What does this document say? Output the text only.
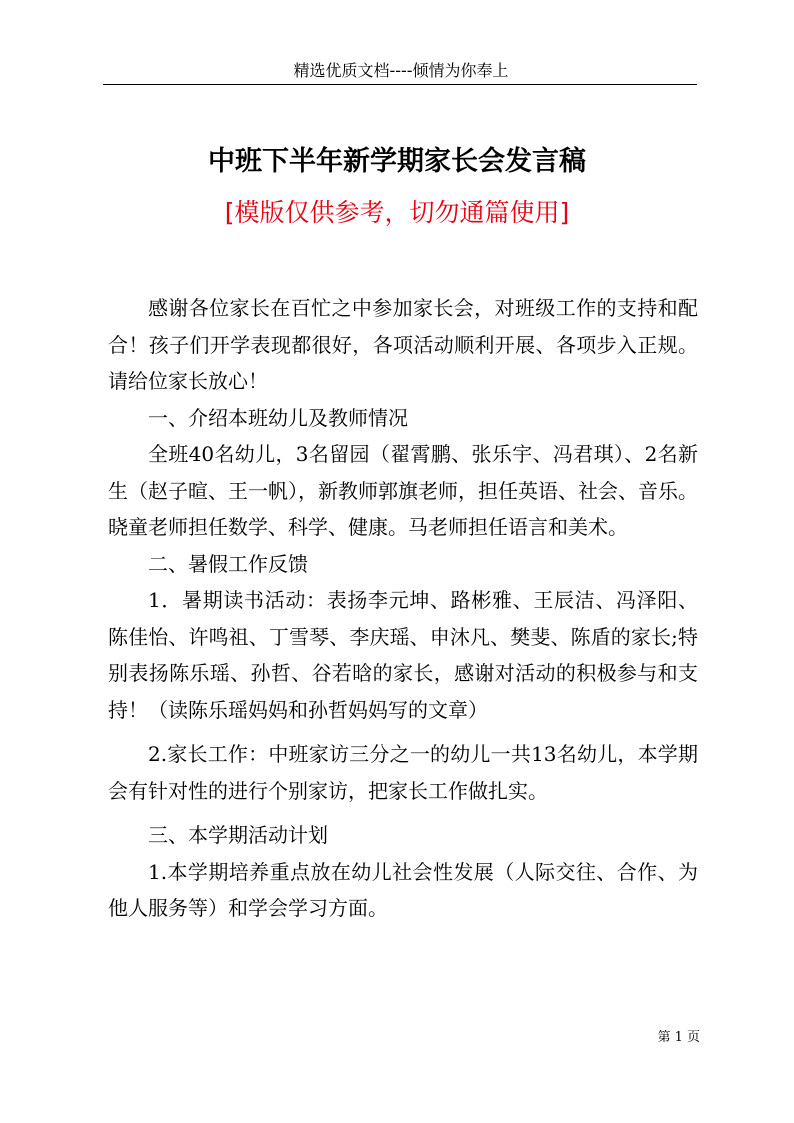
精选优质文档----倾情为你奉上
中班下半年新学期家长会发言稿
[模版仅供参考，切勿通篇使用]

感谢各位家长在百忙之中参加家长会，对班级工作的支持和配合！孩子们开学表现都很好，各项活动顺利开展、各项步入正规。请给位家长放心！

一、介绍本班幼儿及教师情况

全班40名幼儿，3名留园（翟霄鹏、张乐宇、冯君琪）、2名新生（赵子暄、王一帆），新教师郭旗老师，担任英语、社会、音乐。晓童老师担任数学、科学、健康。马老师担任语言和美术。

二、暑假工作反馈

1．暑期读书活动：表扬李元坤、路彬雅、王辰洁、冯泽阳、陈佳怡、许鸣祖、丁雪琴、李庆瑶、申沐凡、樊斐、陈盾的家长;特别表扬陈乐瑶、孙哲、谷若晗的家长，感谢对活动的积极参与和支持！（读陈乐瑶妈妈和孙哲妈妈写的文章）

2.家长工作：中班家访三分之一的幼儿一共13名幼儿，本学期会有针对性的进行个别家访，把家长工作做扎实。

三、本学期活动计划

1.本学期培养重点放在幼儿社会性发展（人际交往、合作、为他人服务等）和学会学习方面。

第 1 页
